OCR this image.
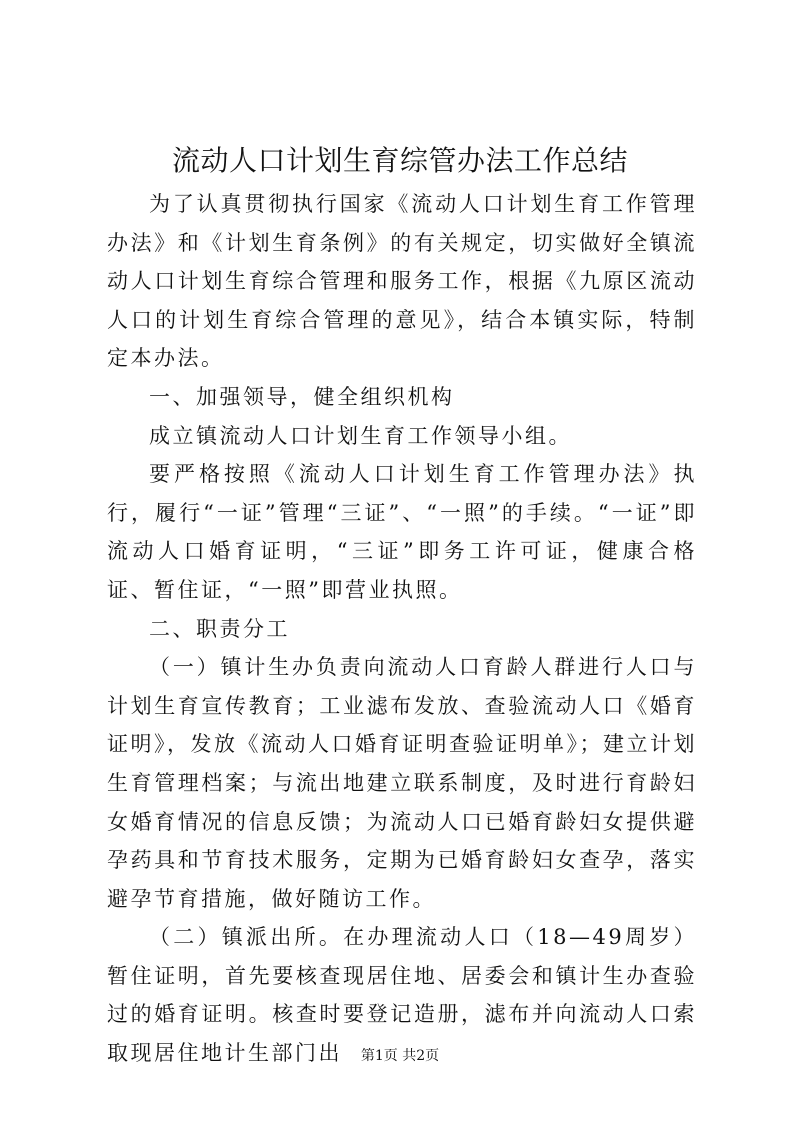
流动人口计划生育综管办法工作总结

为了认真贯彻执行国家《流动人口计划生育工作管理办法》和《计划生育条例》的有关规定，切实做好全镇流动人口计划生育综合管理和服务工作，根据《九原区流动人口的计划生育综合管理的意见》，结合本镇实际，特制定本办法。

一、加强领导，健全组织机构

成立镇流动人口计划生育工作领导小组。

要严格按照《流动人口计划生育工作管理办法》执行，履行“一证”管理“三证”、“一照”的手续。“一证”即流动人口婚育证明，“三证”即务工许可证，健康合格证、暂住证，“一照”即营业执照。

二、职责分工

（一）镇计生办负责向流动人口育龄人群进行人口与计划生育宣传教育；工业滤布发放、查验流动人口《婚育证明》，发放《流动人口婚育证明查验证明单》；建立计划生育管理档案；与流出地建立联系制度，及时进行育龄妇女婚育情况的信息反馈；为流动人口已婚育龄妇女提供避孕药具和节育技术服务，定期为已婚育龄妇女查孕，落实避孕节育措施，做好随访工作。

（二）镇派出所。在办理流动人口（18—49周岁）暂住证明，首先要核查现居住地、居委会和镇计生办查验过的婚育证明。核查时要登记造册，滤布并向流动人口索取现居住地计生部门出	第1页 共2页
